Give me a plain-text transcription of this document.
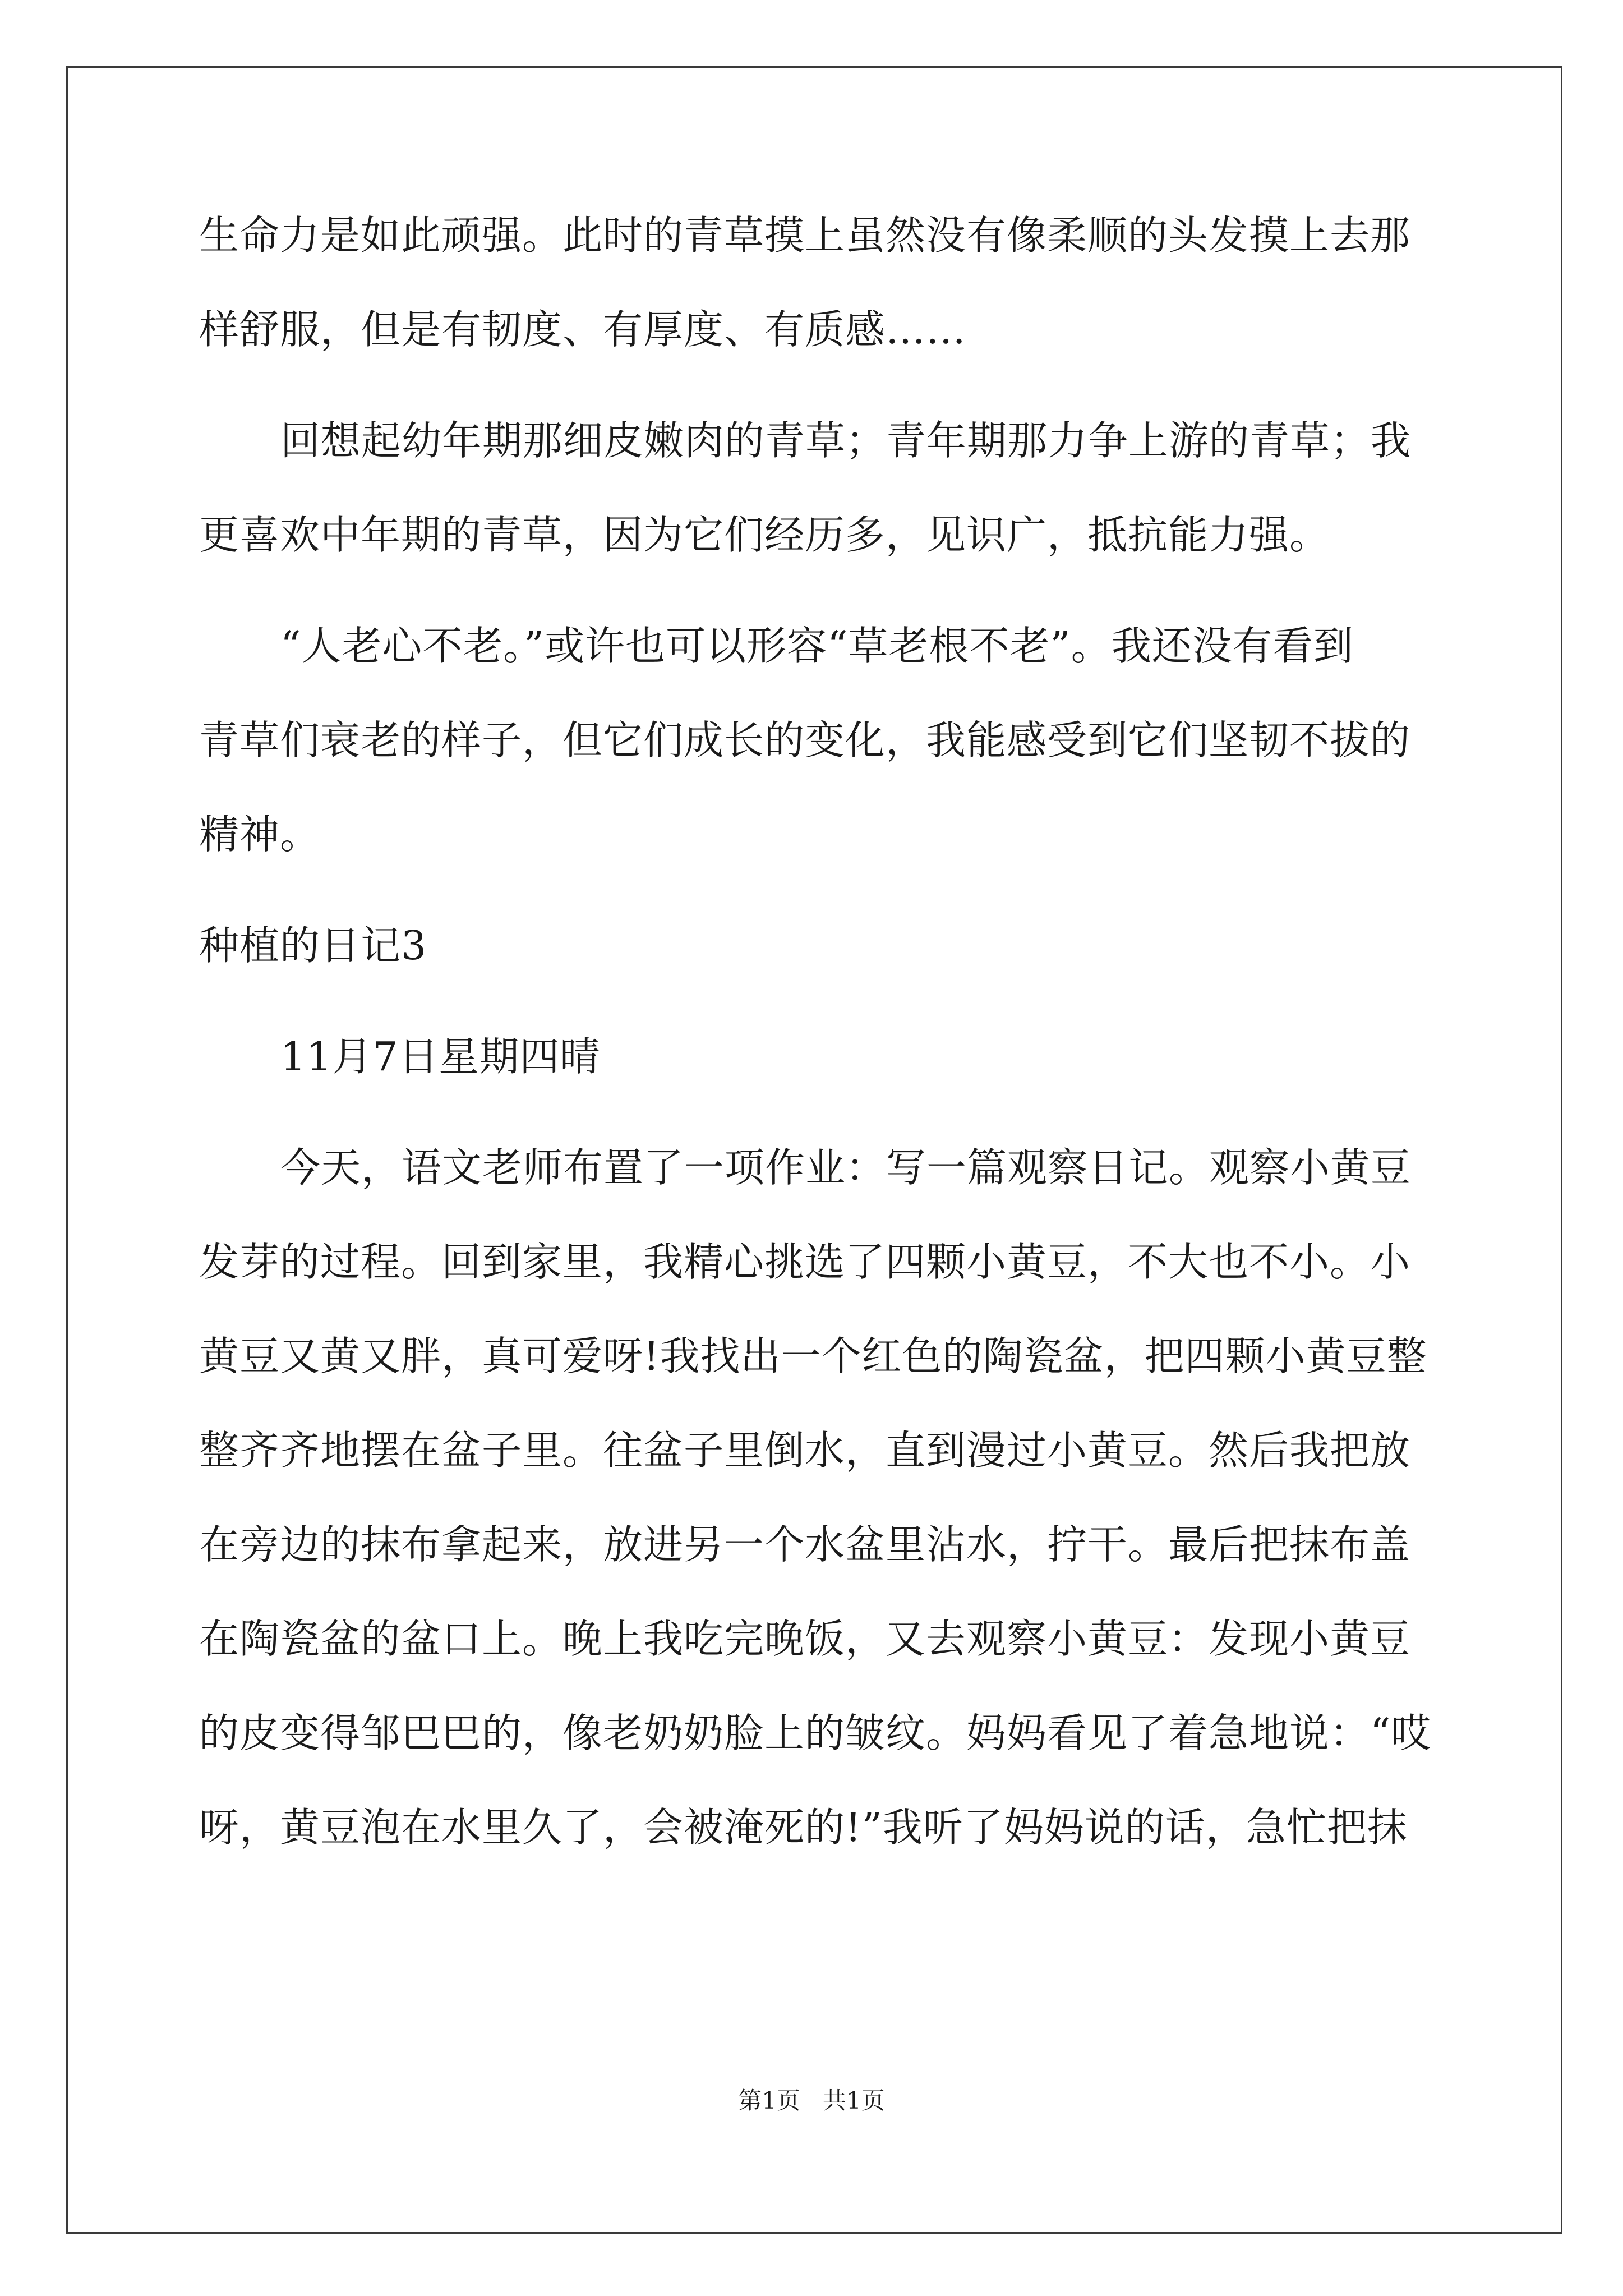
生命力是如此顽强。此时的青草摸上虽然没有像柔顺的头发摸上去那
样舒服，但是有韧度、有厚度、有质感……
回想起幼年期那细皮嫩肉的青草；青年期那力争上游的青草；我
更喜欢中年期的青草，因为它们经历多，见识广，抵抗能力强。
“人老心不老。”或许也可以形容“草老根不老”。我还没有看到
青草们衰老的样子，但它们成长的变化，我能感受到它们坚韧不拔的
精神。
种植的日记3
11月7日星期四晴
今天，语文老师布置了一项作业：写一篇观察日记。观察小黄豆
发芽的过程。回到家里，我精心挑选了四颗小黄豆，不大也不小。小
黄豆又黄又胖，真可爱呀!我找出一个红色的陶瓷盆，把四颗小黄豆整
整齐齐地摆在盆子里。往盆子里倒水，直到漫过小黄豆。然后我把放
在旁边的抹布拿起来，放进另一个水盆里沾水，拧干。最后把抹布盖
在陶瓷盆的盆口上。晚上我吃完晚饭，又去观察小黄豆：发现小黄豆
的皮变得邹巴巴的，像老奶奶脸上的皱纹。妈妈看见了着急地说：“哎
呀，黄豆泡在水里久了，会被淹死的!”我听了妈妈说的话，急忙把抹
第1页 共1页
